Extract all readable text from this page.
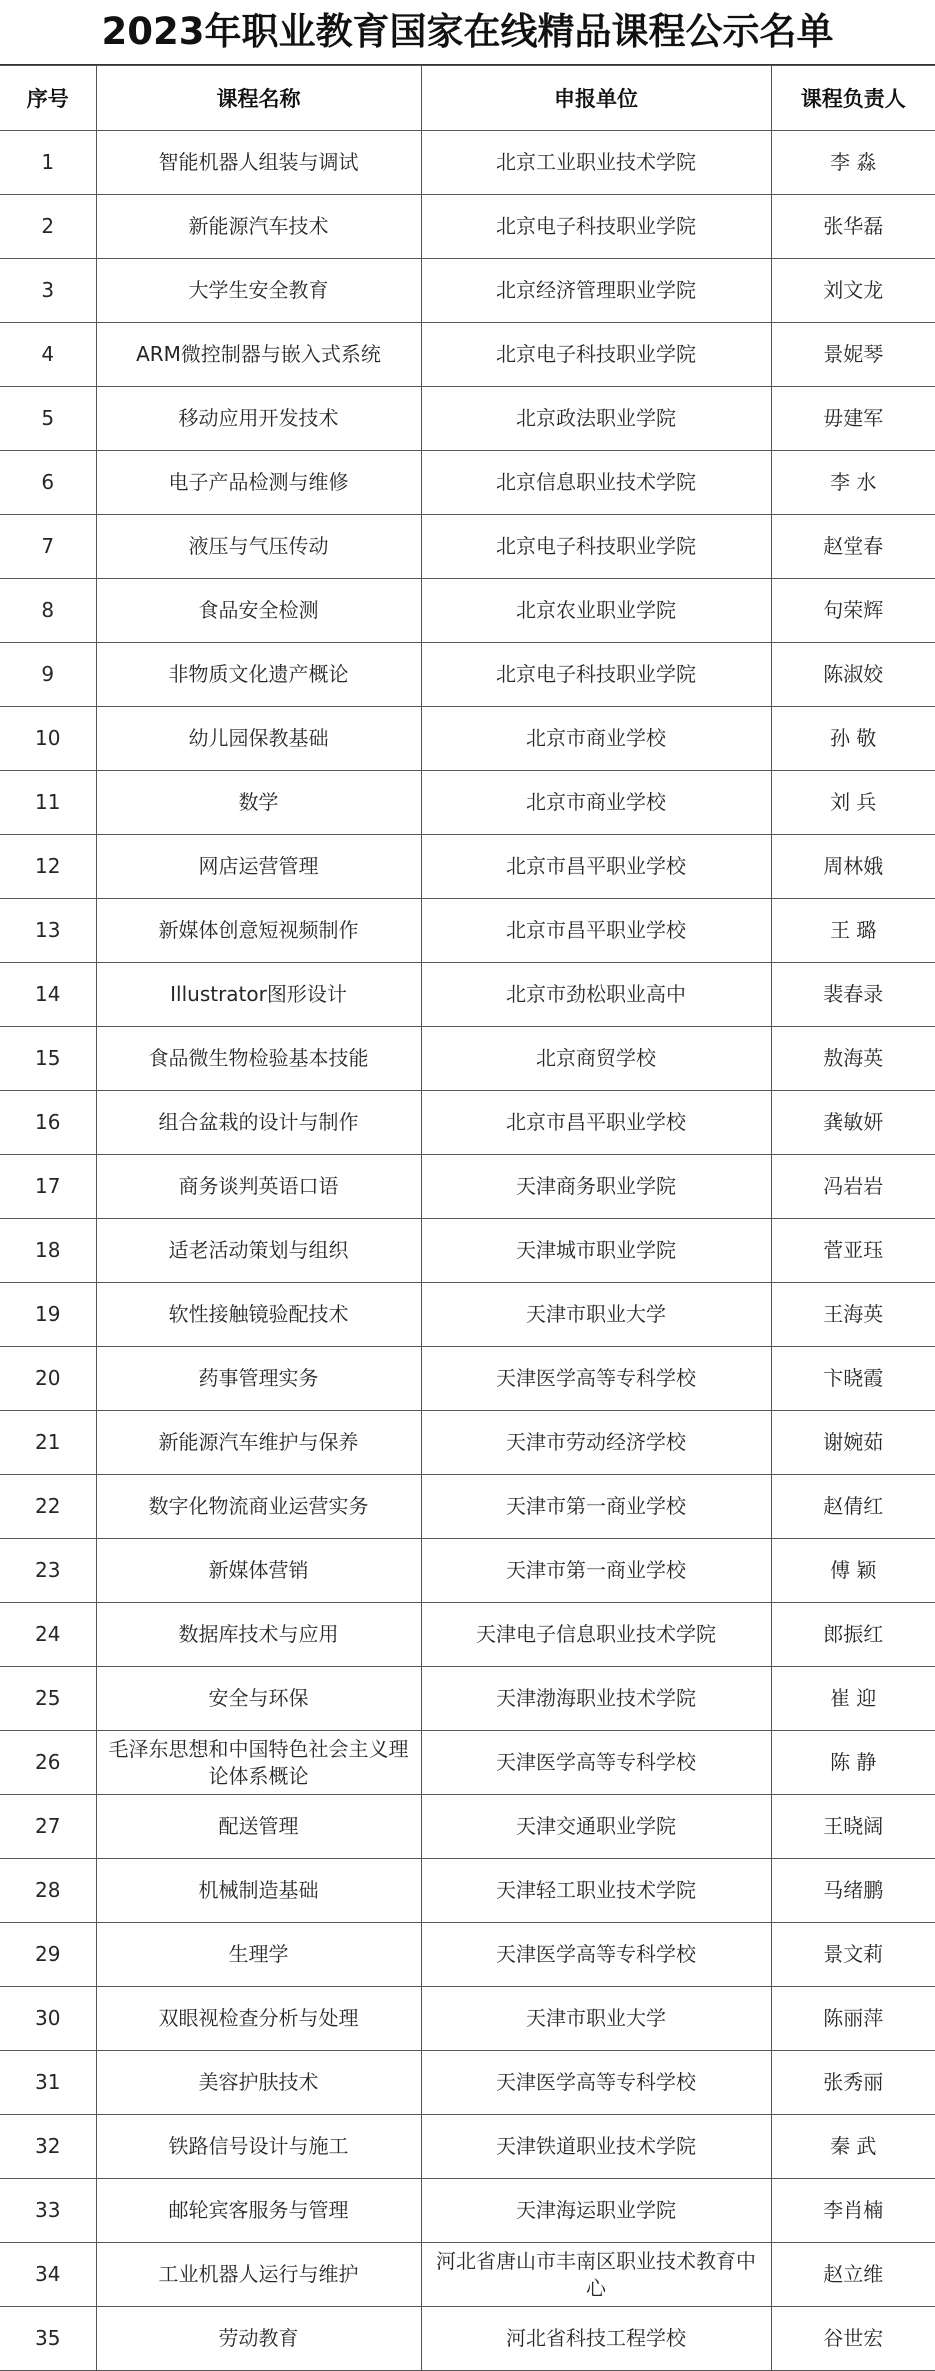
2023年职业教育国家在线精品课程公示名单
序号	课程名称	申报单位	课程负责人
1	智能机器人组装与调试	北京工业职业技术学院	李 淼
2	新能源汽车技术	北京电子科技职业学院	张华磊
3	大学生安全教育	北京经济管理职业学院	刘文龙
4	ARM微控制器与嵌入式系统	北京电子科技职业学院	景妮琴
5	移动应用开发技术	北京政法职业学院	毋建军
6	电子产品检测与维修	北京信息职业技术学院	李 水
7	液压与气压传动	北京电子科技职业学院	赵堂春
8	食品安全检测	北京农业职业学院	句荣辉
9	非物质文化遗产概论	北京电子科技职业学院	陈淑姣
10	幼儿园保教基础	北京市商业学校	孙 敬
11	数学	北京市商业学校	刘 兵
12	网店运营管理	北京市昌平职业学校	周林娥
13	新媒体创意短视频制作	北京市昌平职业学校	王 璐
14	Illustrator图形设计	北京市劲松职业高中	裴春录
15	食品微生物检验基本技能	北京商贸学校	敖海英
16	组合盆栽的设计与制作	北京市昌平职业学校	龚敏妍
17	商务谈判英语口语	天津商务职业学院	冯岩岩
18	适老活动策划与组织	天津城市职业学院	菅亚珏
19	软性接触镜验配技术	天津市职业大学	王海英
20	药事管理实务	天津医学高等专科学校	卞晓霞
21	新能源汽车维护与保养	天津市劳动经济学校	谢婉茹
22	数字化物流商业运营实务	天津市第一商业学校	赵倩红
23	新媒体营销	天津市第一商业学校	傅 颖
24	数据库技术与应用	天津电子信息职业技术学院	郎振红
25	安全与环保	天津渤海职业技术学院	崔 迎
26	毛泽东思想和中国特色社会主义理论体系概论	天津医学高等专科学校	陈 静
27	配送管理	天津交通职业学院	王晓阔
28	机械制造基础	天津轻工职业技术学院	马绪鹏
29	生理学	天津医学高等专科学校	景文莉
30	双眼视检查分析与处理	天津市职业大学	陈丽萍
31	美容护肤技术	天津医学高等专科学校	张秀丽
32	铁路信号设计与施工	天津铁道职业技术学院	秦 武
33	邮轮宾客服务与管理	天津海运职业学院	李肖楠
34	工业机器人运行与维护	河北省唐山市丰南区职业技术教育中心	赵立维
35	劳动教育	河北省科技工程学校	谷世宏
